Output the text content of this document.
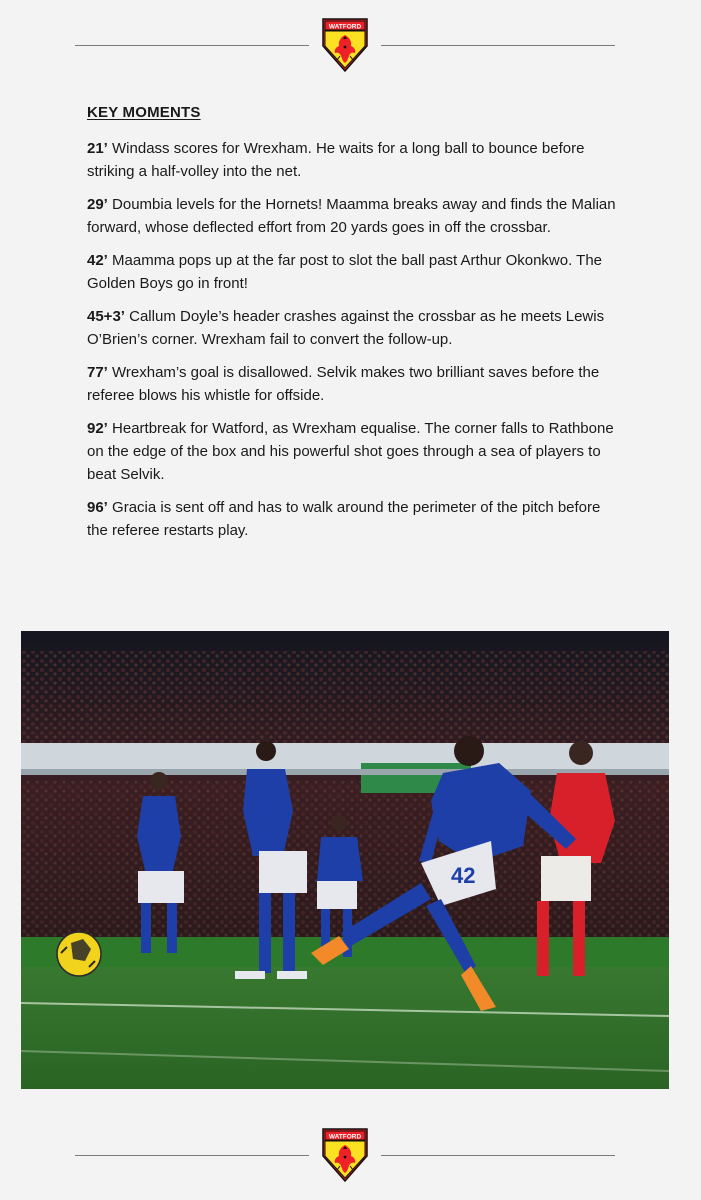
WATFORD
KEY MOMENTS
21’ Windass scores for Wrexham. He waits for a long ball to bounce before striking a half-volley into the net.
29’ Doumbia levels for the Hornets! Maamma breaks away and finds the Malian forward, whose deflected effort from 20 yards goes in off the crossbar.
42’ Maamma pops up at the far post to slot the ball past Arthur Okonkwo. The Golden Boys go in front!
45+3’ Callum Doyle’s header crashes against the crossbar as he meets Lewis O’Brien’s corner. Wrexham fail to convert the follow-up.
77’ Wrexham’s goal is disallowed. Selvik makes two brilliant saves before the referee blows his whistle for offside.
92’ Heartbreak for Watford, as Wrexham equalise. The corner falls to Rathbone on the edge of the box and his powerful shot goes through a sea of players to beat Selvik.
96’ Gracia is sent off and has to walk around the perimeter of the pitch before the referee restarts play.
42
WATFORD
